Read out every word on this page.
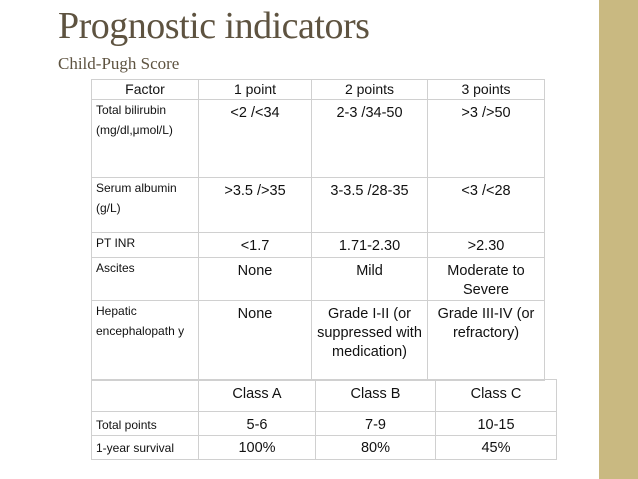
Prognostic indicators
Child-Pugh Score
Factor	1 point	2 points	3 points
Total bilirubin (mg/dl,μmol/L)	<2 /<34	2-3 /34-50	>3 />50
Serum albumin (g/L)	>3.5 />35	3-3.5 /28-35	<3 /<28
PT INR	<1.7	1.71-2.30	>2.30
Ascites	None	Mild	Moderate to Severe
Hepatic encephalopath y	None	Grade I-II (or suppressed with medication)	Grade III-IV (or refractory)
	Class A	Class B	Class C
Total points	5-6	7-9	10-15
1-year survival	100%	80%	45%
